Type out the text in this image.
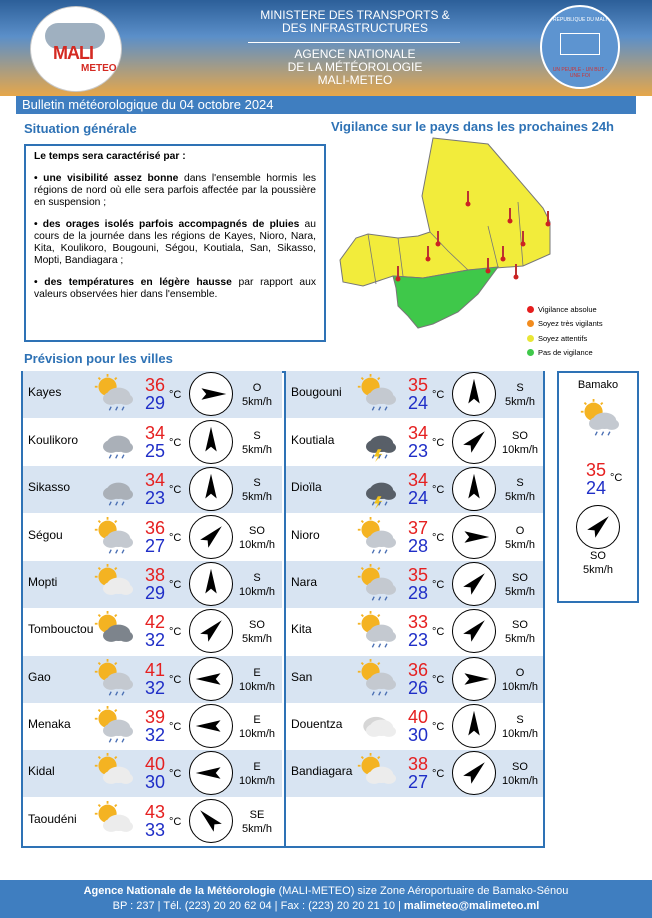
MALI
METEO
MINISTERE DES TRANSPORTS &
DES INFRASTRUCTURES
AGENCE NATIONALE
DE LA MÉTÉOROLOGIE
MALI-METEO
REPUBLIQUE DU MALI
UN PEUPLE - UN BUT - UNE FOI
Bulletin météorologique du 04 octobre 2024
Situation générale

Le temps sera caractérisé par :

• une visibilité assez bonne dans l'ensemble hormis les régions de nord où elle sera parfois affectée par la poussière en suspension ;

• des orages isolés parfois accompagnés de pluies au cours de la journée dans les régions de Kayes, Nioro, Nara, Kita, Koulikoro, Bougouni, Ségou, Koutiala, San, Sikasso, Mopti, Bandiagara ;

• des températures en légère hausse par rapport aux valeurs observées hier dans l'ensemble.

Vigilance sur le pays dans les prochaines 24h
Vigilance absolue
Soyez très vigilants
Soyez attentifs
Pas de vigilance
Prévision pour les villes
Kayes	36 °C
29
O
5km/h
Koulikoro	34 °C
25
S
5km/h
Sikasso	34 °C
23
S
5km/h
Ségou	36 °C
27
SO
10km/h
Mopti	38 °C
29
S
10km/h
Tombouctou	42 °C
32
SO
5km/h
Gao	41 °C
32
E
10km/h
Menaka	39 °C
32
E
10km/h
Kidal	40 °C
30
E
10km/h
Taoudéni	43 °C
33
SE
5km/h
Bougouni	35 °C
24
S
5km/h
Koutiala	34 °C
23
SO
10km/h
Dioïla	34 °C
24
S
5km/h
Nioro	37 °C
28
O
5km/h
Nara	35 °C
28
SO
5km/h
Kita	33 °C
23
SO
5km/h
San	36 °C
26
O
10km/h
Douentza	40 °C
30
S
10km/h
Bandiagara	38 °C
27
SO
10km/h
Bamako
35 °C
24
SO
5km/h
Agence Nationale de la Météorologie (MALI-METEO) size Zone Aéroportuaire de Bamako-Sénou
BP : 237 | Tél. (223) 20 20 62 04 | Fax : (223) 20 20 21 10 | malimeteo@malimeteo.ml
